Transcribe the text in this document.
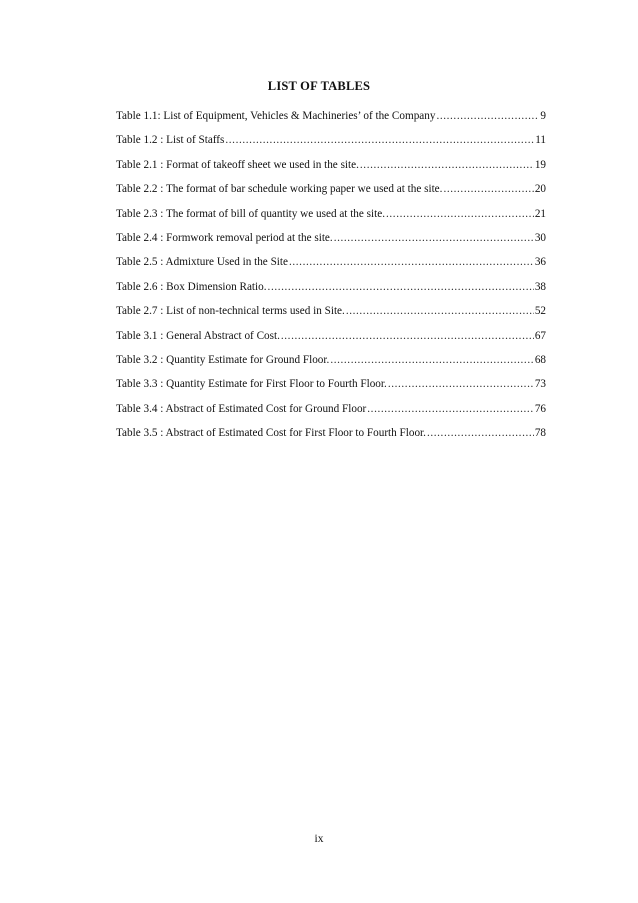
LIST OF TABLES
Table 1.1: List of Equipment, Vehicles & Machineries’ of the Company .....	9
Table 1.2 : List of Staffs .....	11
Table 2.1 : Format of takeoff sheet we used in the site. .....	19
Table 2.2 : The format of bar schedule working paper we used at the site. .....	20
Table 2.3 : The format of bill of quantity we used at the site. .....	21
Table 2.4 : Formwork removal period at the site. .....	30
Table 2.5 : Admixture Used in the Site .....	36
Table 2.6 : Box Dimension Ratio. .....	38
Table 2.7 : List of non-technical terms used in Site. .....	52
Table 3.1 : General Abstract of Cost. .....	67
Table 3.2 : Quantity Estimate for Ground Floor. .....	68
Table 3.3 : Quantity Estimate for First Floor to Fourth Floor. .....	73
Table 3.4 : Abstract of Estimated Cost for Ground Floor .....	76
Table 3.5 : Abstract of Estimated Cost for First Floor to Fourth Floor. .....	78
ix
